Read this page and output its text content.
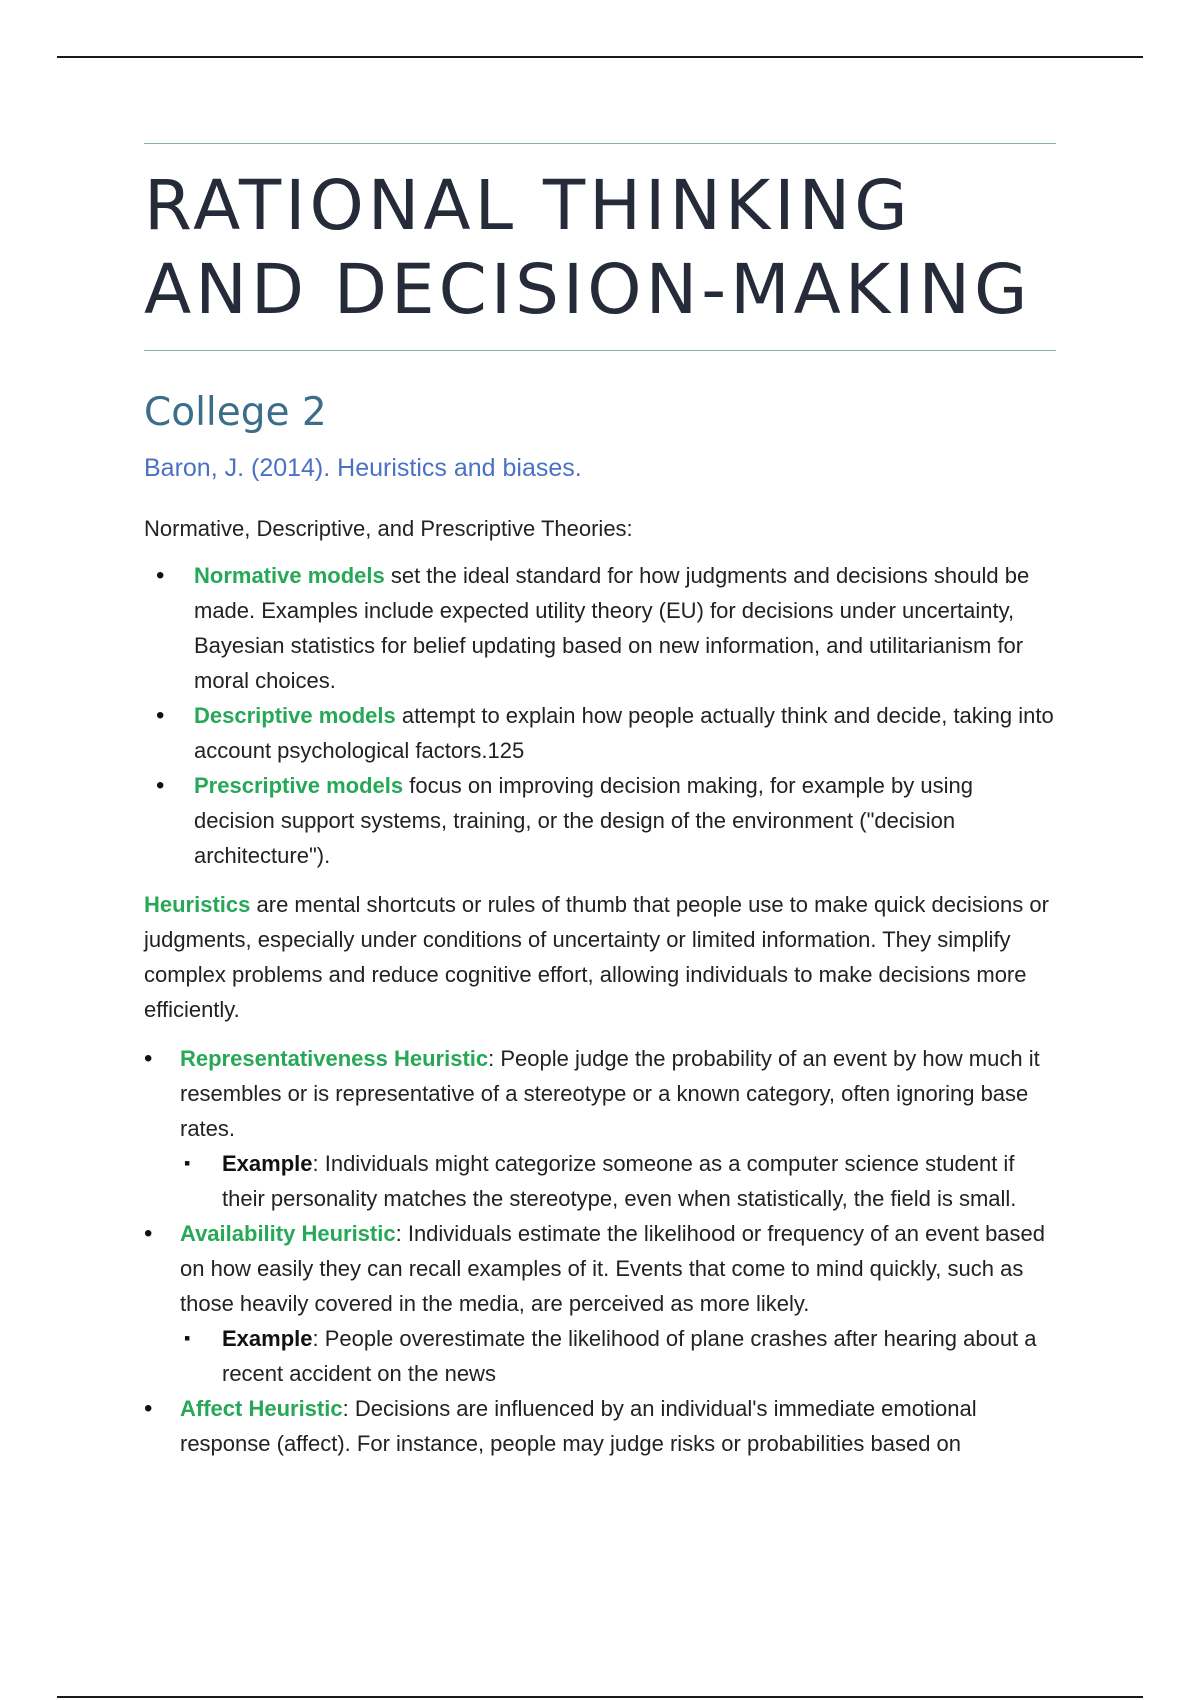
RATIONAL THINKING
AND DECISION-MAKING
College 2
Baron, J. (2014). Heuristics and biases.

Normative, Descriptive, and Prescriptive Theories:

• Normative models set the ideal standard for how judgments and decisions should be made. Examples include expected utility theory (EU) for decisions under uncertainty, Bayesian statistics for belief updating based on new information, and utilitarianism for moral choices.
• Descriptive models attempt to explain how people actually think and decide, taking into account psychological factors.125
• Prescriptive models focus on improving decision making, for example by using decision support systems, training, or the design of the environment ("decision architecture").

Heuristics are mental shortcuts or rules of thumb that people use to make quick decisions or judgments, especially under conditions of uncertainty or limited information. They simplify complex problems and reduce cognitive effort, allowing individuals to make decisions more efficiently.

• Representativeness Heuristic: People judge the probability of an event by how much it resembles or is representative of a stereotype or a known category, often ignoring base rates.
▪ Example: Individuals might categorize someone as a computer science student if their personality matches the stereotype, even when statistically, the field is small.
• Availability Heuristic: Individuals estimate the likelihood or frequency of an event based on how easily they can recall examples of it. Events that come to mind quickly, such as those heavily covered in the media, are perceived as more likely.
▪ Example: People overestimate the likelihood of plane crashes after hearing about a recent accident on the news
• Affect Heuristic: Decisions are influenced by an individual's immediate emotional response (affect). For instance, people may judge risks or probabilities based on
